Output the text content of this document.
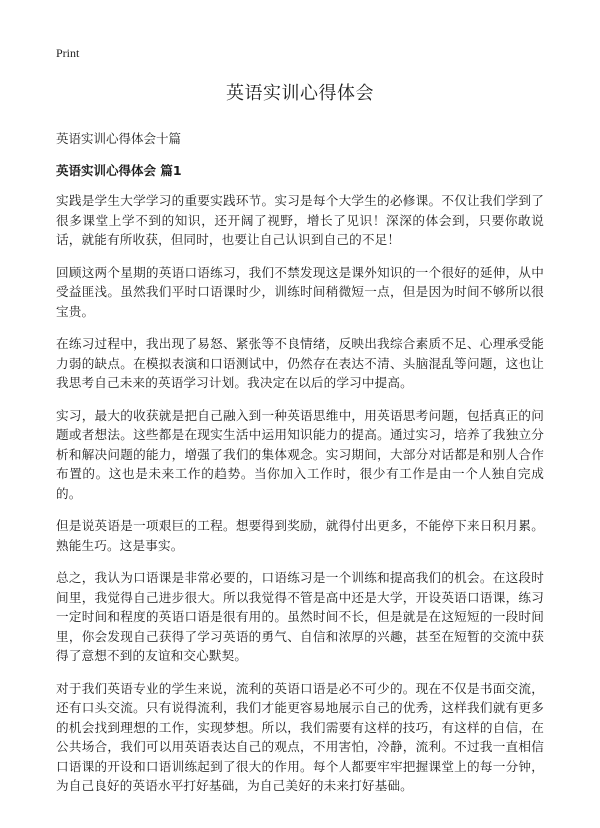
Print
英语实训心得体会
英语实训心得体会十篇
英语实训心得体会 篇1

实践是学生大学学习的重要实践环节。实习是每个大学生的必修课。不仅让我们学到了很多课堂上学不到的知识，还开阔了视野，增长了见识！深深的体会到，只要你敢说话，就能有所收获，但同时，也要让自己认识到自己的不足！

回顾这两个星期的英语口语练习，我们不禁发现这是课外知识的一个很好的延伸，从中受益匪浅。虽然我们平时口语课时少，训练时间稍微短一点，但是因为时间不够所以很宝贵。

在练习过程中，我出现了易怒、紧张等不良情绪，反映出我综合素质不足、心理承受能力弱的缺点。在模拟表演和口语测试中，仍然存在表达不清、头脑混乱等问题，这也让我思考自己未来的英语学习计划。我决定在以后的学习中提高。

实习，最大的收获就是把自己融入到一种英语思维中，用英语思考问题，包括真正的问题或者想法。这些都是在现实生活中运用知识能力的提高。通过实习，培养了我独立分析和解决问题的能力，增强了我们的集体观念。实习期间，大部分对话都是和别人合作布置的。这也是未来工作的趋势。当你加入工作时，很少有工作是由一个人独自完成的。

但是说英语是一项艰巨的工程。想要得到奖励，就得付出更多，不能停下来日积月累。熟能生巧。这是事实。

总之，我认为口语课是非常必要的，口语练习是一个训练和提高我们的机会。在这段时间里，我觉得自己进步很大。所以我觉得不管是高中还是大学，开设英语口语课，练习一定时间和程度的英语口语是很有用的。虽然时间不长，但是就是在这短短的一段时间里，你会发现自己获得了学习英语的勇气、自信和浓厚的兴趣，甚至在短暂的交流中获得了意想不到的友谊和交心默契。

对于我们英语专业的学生来说，流利的英语口语是必不可少的。现在不仅是书面交流，还有口头交流。只有说得流利，我们才能更容易地展示自己的优秀，这样我们就有更多的机会找到理想的工作，实现梦想。所以，我们需要有这样的技巧，有这样的自信，在公共场合，我们可以用英语表达自己的观点，不用害怕，冷静，流利。不过我一直相信口语课的开设和口语训练起到了很大的作用。每个人都要牢牢把握课堂上的每一分钟，为自己良好的英语水平打好基础，为自己美好的未来打好基础。
